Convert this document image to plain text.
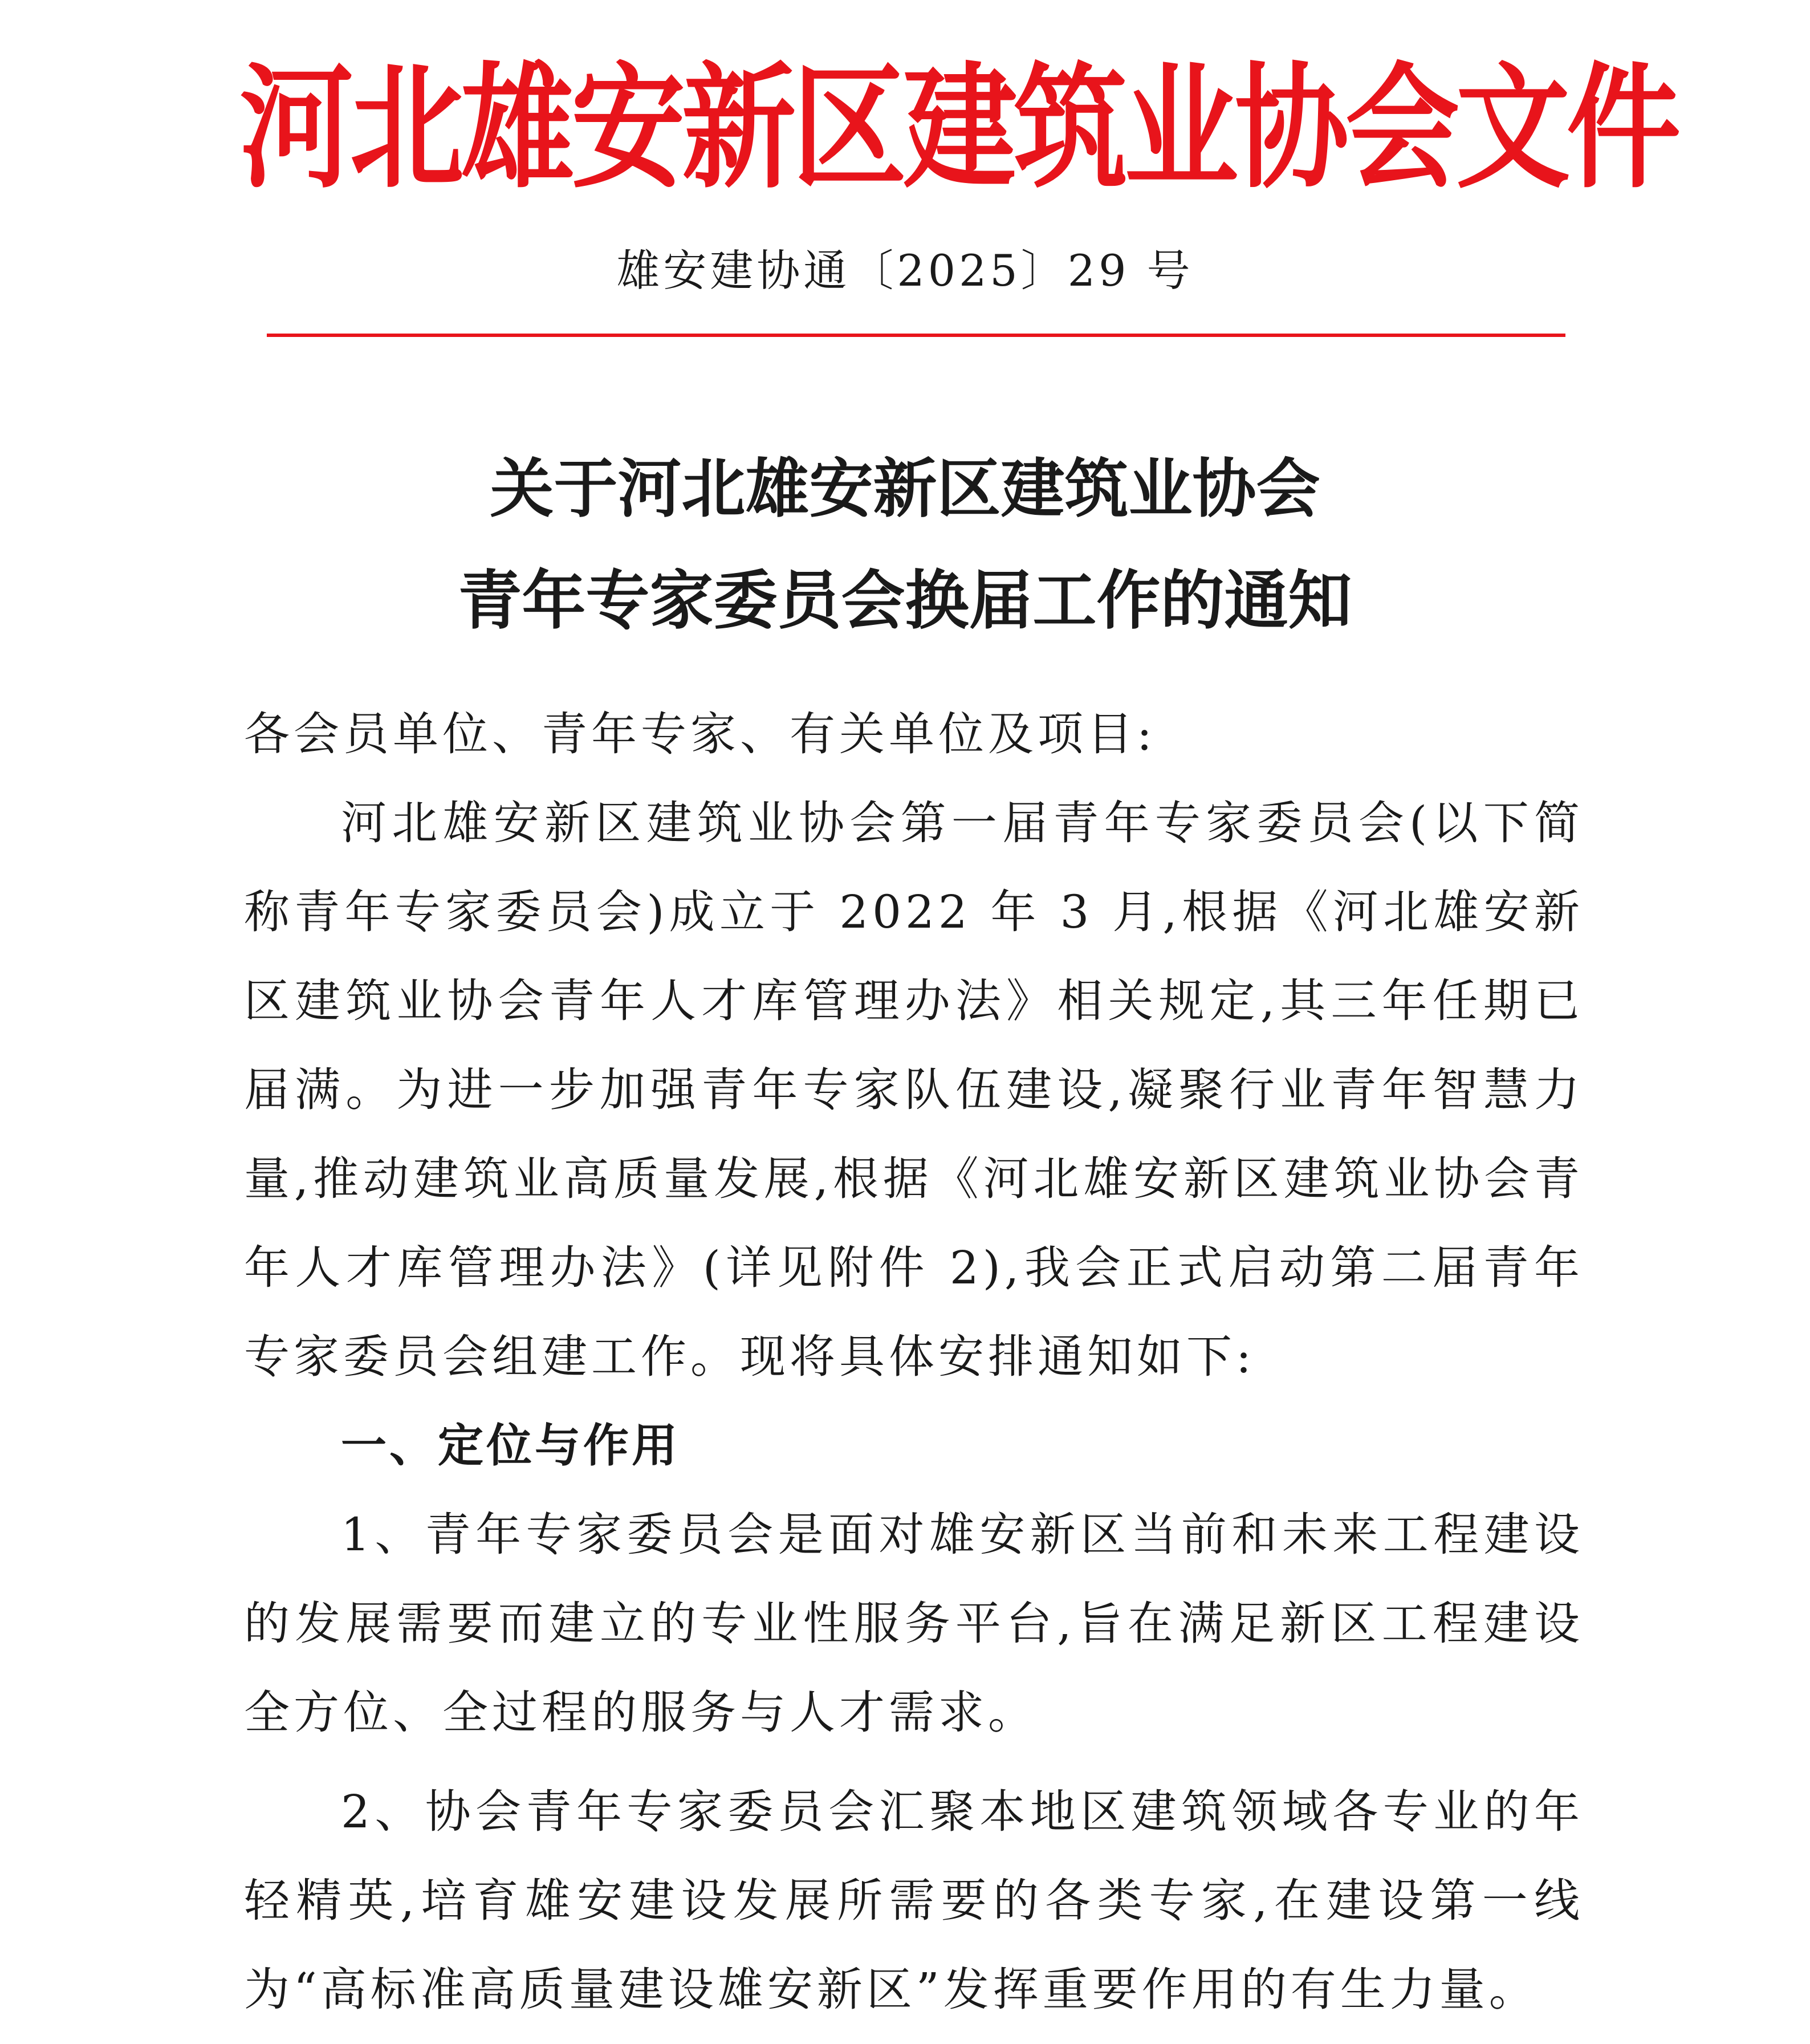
河北雄安新区建筑业协会文件
雄安建协通〔2025〕29 号
关于河北雄安新区建筑业协会
青年专家委员会换届工作的通知

各会员单位、青年专家、有关单位及项目:

河北雄安新区建筑业协会第一届青年专家委员会(以下简称青年专家委员会)成立于 2022 年 3 月,根据《河北雄安新区建筑业协会青年人才库管理办法》相关规定,其三年任期已届满。为进一步加强青年专家队伍建设,凝聚行业青年智慧力量,推动建筑业高质量发展,根据《河北雄安新区建筑业协会青年人才库管理办法》(详见附件 2),我会正式启动第二届青年专家委员会组建工作。现将具体安排通知如下:

一、定位与作用

1、青年专家委员会是面对雄安新区当前和未来工程建设的发展需要而建立的专业性服务平台,旨在满足新区工程建设全方位、全过程的服务与人才需求。

2、协会青年专家委员会汇聚本地区建筑领域各专业的年轻精英,培育雄安建设发展所需要的各类专家,在建设第一线为“高标准高质量建设雄安新区”发挥重要作用的有生力量。
